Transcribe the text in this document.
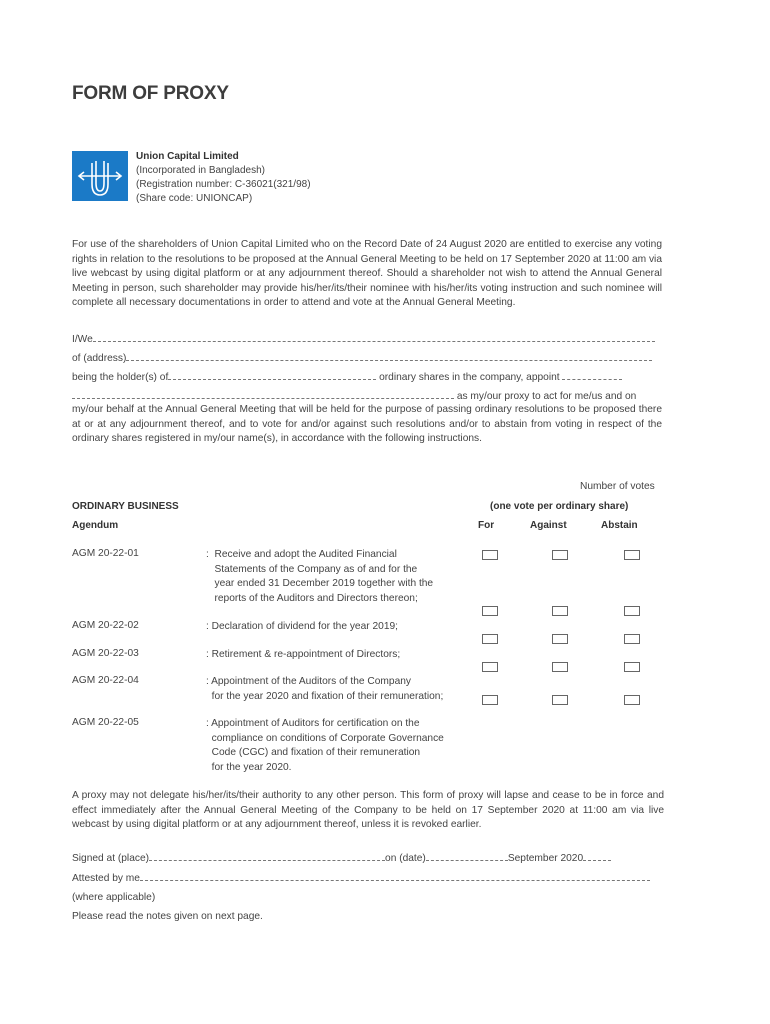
FORM OF PROXY
Union Capital Limited
(Incorporated in Bangladesh)
(Registration number: C-36021(321/98)
(Share code: UNIONCAP)
For use of the shareholders of Union Capital Limited who on the Record Date of 24 August 2020 are entitled to exercise any voting rights in relation to the resolutions to be proposed at the Annual General Meeting to be held on 17 September 2020 at 11:00 am via live webcast by using digital platform or at any adjournment thereof. Should a shareholder not wish to attend the Annual General Meeting in person, such shareholder may provide his/her/its/their nominee with his/her/its voting instruction and such nominee will complete all necessary documentations in order to attend and vote at the Annual General Meeting.
I/We
of (address)
being the holder(s) of	ordinary shares in the company, appoint
as my/our proxy to act for me/us and on
my/our behalf at the Annual General Meeting that will be held for the purpose of passing ordinary resolutions to be proposed there at or at any adjournment thereof, and to vote for and/or against such resolutions and/or to abstain from voting in respect of the ordinary shares registered in my/our name(s), in accordance with the following instructions.
Number of votes
ORDINARY BUSINESS	(one vote per ordinary share)
Agendum	For	Against	Abstain
AGM 20-22-01	:  Receive and adopt the Audited Financial
Statements of the Company as of and for the
year ended 31 December 2019 together with the
reports of the Auditors and Directors thereon;
AGM 20-22-02	: Declaration of dividend for the year 2019;
AGM 20-22-03	: Retirement & re-appointment of Directors;
AGM 20-22-04	: Appointment of the Auditors of the Company
for the year 2020 and fixation of their remuneration;
AGM 20-22-05	: Appointment of Auditors for certification on the
compliance on conditions of Corporate Governance
Code (CGC) and fixation of their remuneration
for the year 2020.
A proxy may not delegate his/her/its/their authority to any other person. This form of proxy will lapse and cease to be in force and effect immediately after the Annual General Meeting of the Company to be held on 17 September 2020 at 11:00 am via live webcast by using digital platform or at any adjournment thereof, unless it is revoked earlier.
Signed at (place)	on (date)	September 2020
Attested by me
(where applicable)
Please read the notes given on next page.
